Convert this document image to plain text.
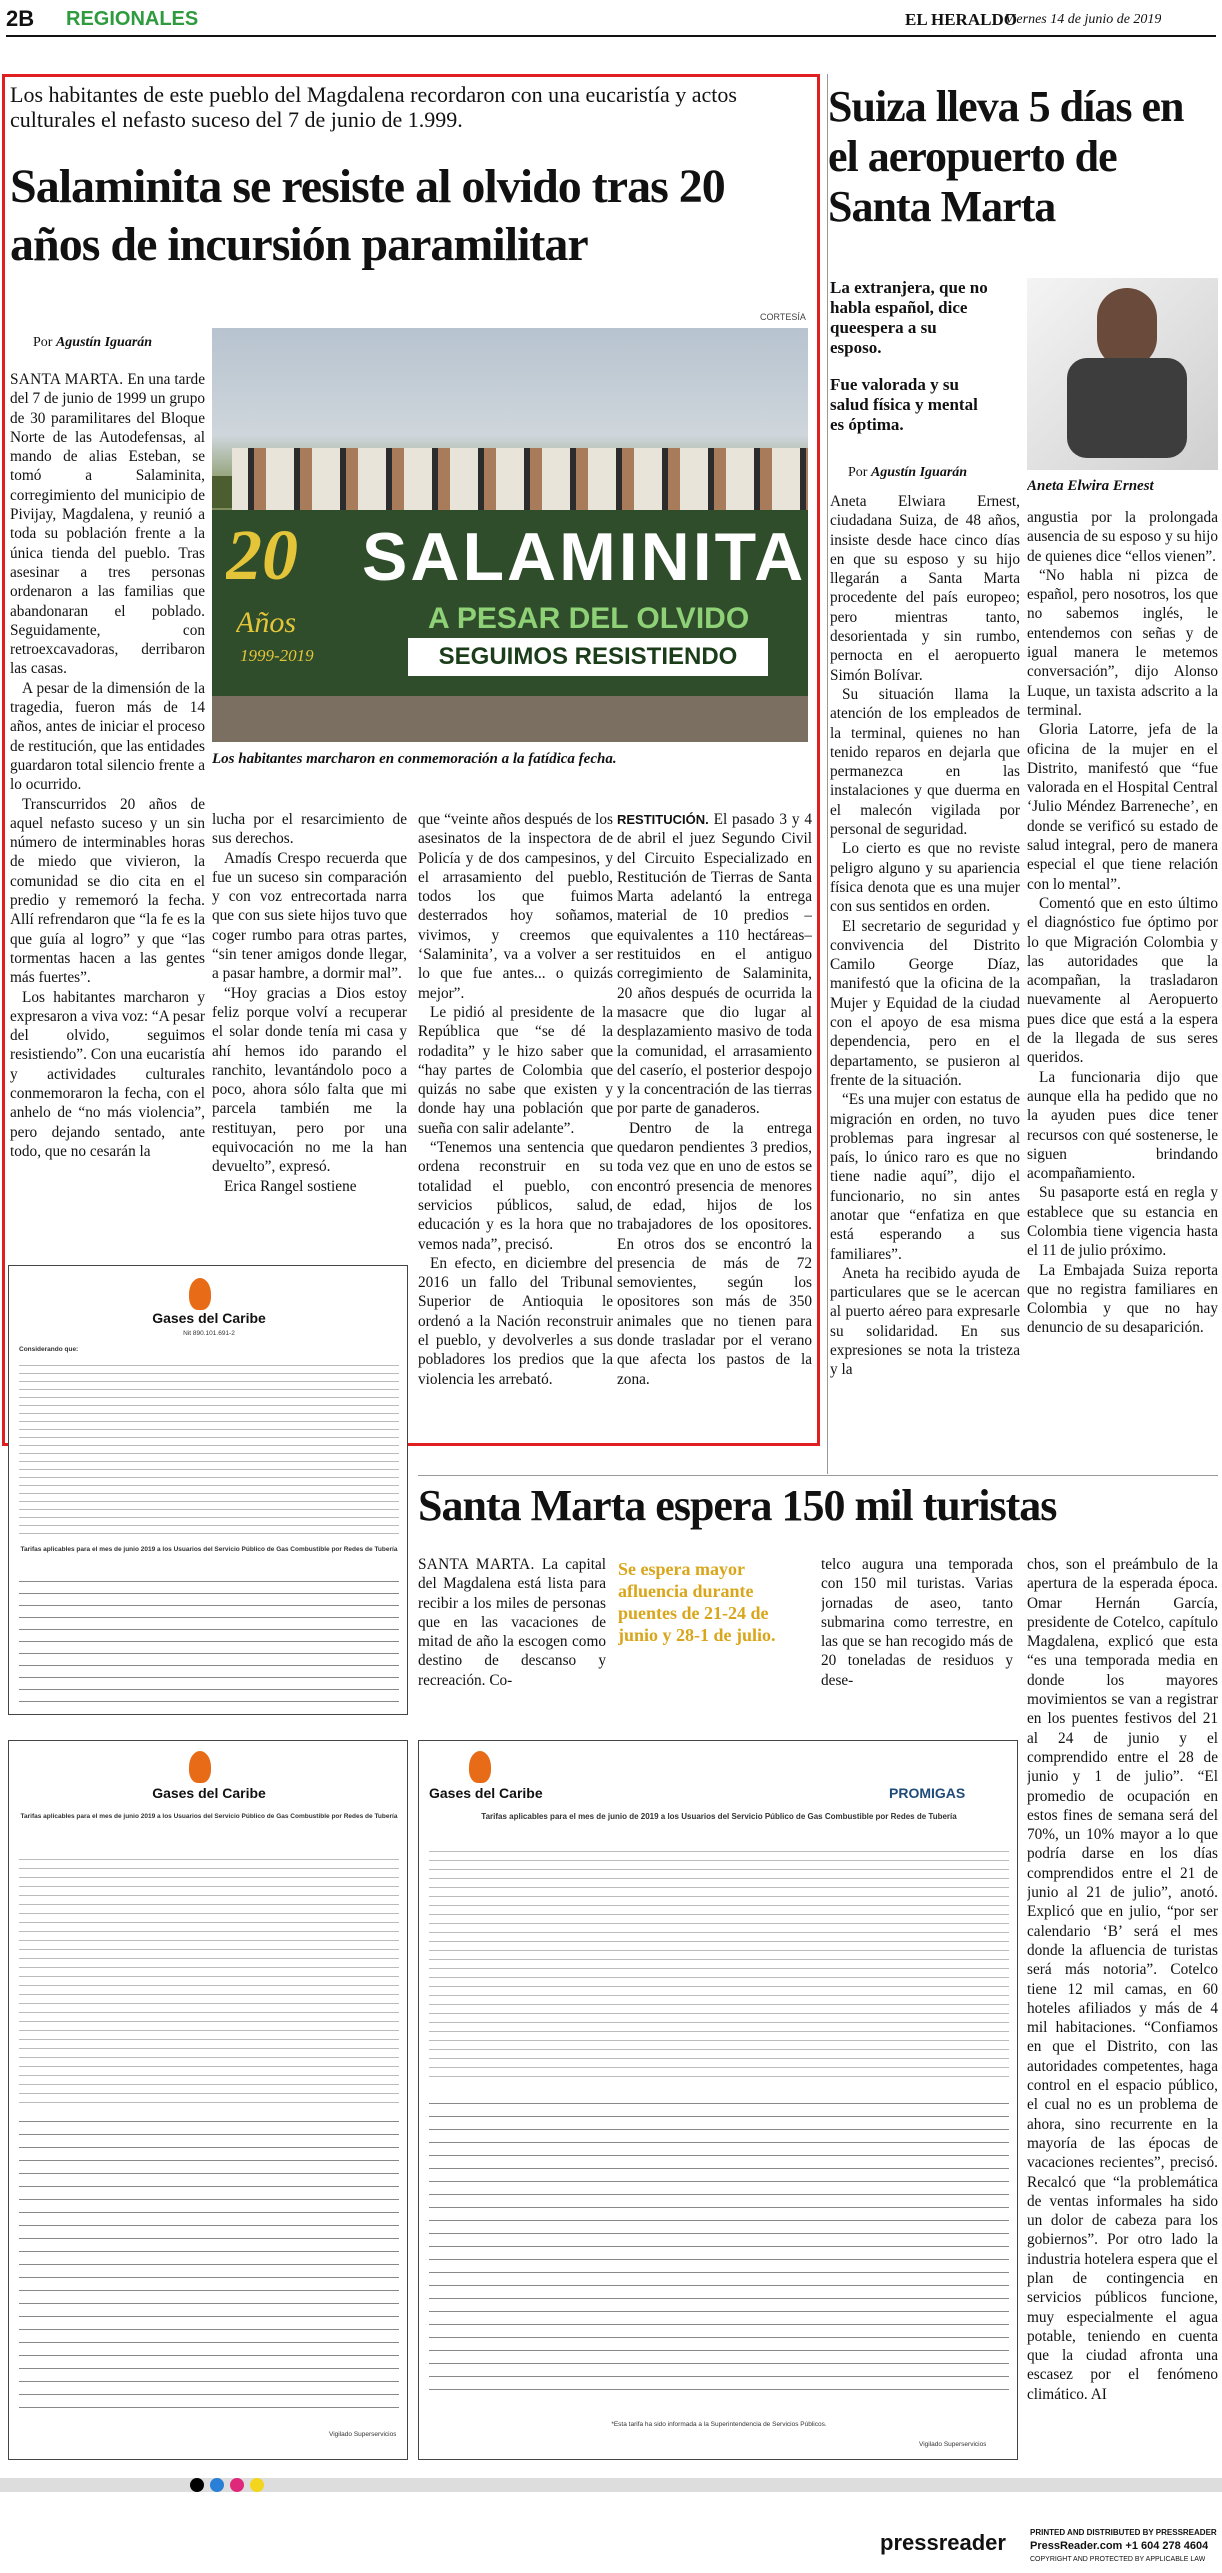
2B REGIONALES	EL HERALDO
Viernes 14 de junio de 2019
Los habitantes de este pueblo del Magdalena recordaron con una eucaristía y actos culturales el nefasto suceso del 7 de junio de 1.999.
Salaminita se resiste al olvido tras 20 años de incursión paramilitar
Por Agustín Iguarán
CORTESÍA
20
Años
1999-2019
SALAMINITA
A PESAR DEL OLVIDO
SEGUIMOS RESISTIENDO
Los habitantes marcharon en conmemoración a la fatídica fecha.

SANTA MARTA. En una tarde del 7 de junio de 1999 un grupo de 30 paramilitares del Bloque Norte de las Autodefensas, al mando de alias Esteban, se tomó a Salaminita, corregimiento del municipio de Pivijay, Magdalena, y reunió a toda su población frente a la única tienda del pueblo. Tras asesinar a tres personas ordenaron a las familias que abandonaran el poblado. Seguidamente, con retroexcavadoras, derribaron las casas.

A pesar de la dimensión de la tragedia, fueron más de 14 años, antes de iniciar el proceso de restitución, que las entidades guardaron total silencio frente a lo ocurrido.

Transcurridos 20 años de aquel nefasto suceso y un sin número de interminables horas de miedo que vivieron, la comunidad se dio cita en el predio y rememoró la fecha. Allí refrendaron que “la fe es la que guía al logro” y que “las tormentas hacen a las gentes más fuertes”.

Los habitantes marcharon y expresaron a viva voz: “A pesar del olvido, seguimos resistiendo”. Con una eucaristía y actividades culturales conmemoraron la fecha, con el anhelo de “no más violencia”, pero dejando sentado, ante todo, que no cesarán la

lucha por el resarcimiento de sus derechos.

Amadís Crespo recuerda que fue un suceso sin comparación y con voz entrecortada narra que con sus siete hijos tuvo que coger rumbo para otras partes, “sin tener amigos donde llegar, a pasar hambre, a dormir mal”.

“Hoy gracias a Dios estoy feliz porque volví a recuperar el solar donde tenía mi casa y ahí hemos ido parando el ranchito, levantándolo poco a poco, ahora sólo falta que mi parcela también me la restituyan, pero por una equivocación no me la han devuelto”, expresó.

Erica Rangel sostiene

que “veinte años después de los asesinatos de la inspectora de Policía y de dos campesinos, y el arrasamiento del pueblo, todos los que fuimos desterrados hoy soñamos, vivimos, y creemos que ‘Salaminita’, va a volver a ser lo que fue antes... o quizás mejor”.

Le pidió al presidente de la República que “se dé la rodadita” y le hizo saber que “hay partes de Colombia que quizás no sabe que existen y donde hay una población que sueña con salir adelante”.

“Tenemos una sentencia que ordena reconstruir en su totalidad el pueblo, con servicios públicos, salud, educación y es la hora que no vemos nada”, precisó.

En efecto, en diciembre del 2016 un fallo del Tribunal Superior de Antioquia le ordenó a la Nación reconstruir el pueblo, y devolverles a sus pobladores los predios que la violencia les arrebató.

RESTITUCIÓN. El pasado 3 y 4 de abril el juez Segundo Civil del Circuito Especializado en Restitución de Tierras de Santa Marta adelantó la entrega material de 10 predios –equivalentes a 110 hectáreas– restituidos en el antiguo corregimiento de Salaminita, 20 años después de ocurrida la masacre que dio lugar al desplazamiento masivo de toda la comunidad, el arrasamiento del caserío, el posterior despojo y la concentración de las tierras por parte de ganaderos.

Dentro de la entrega quedaron pendientes 3 predios, toda vez que en uno de estos se encontró presencia de menores de edad, hijos de los trabajadores de los opositores. En otros dos se encontró la presencia de más de 72 semovientes, según los opositores son más de 350 animales que no tienen para donde trasladar por el verano que afecta los pastos de la zona.

Suiza lleva 5 días en el aeropuerto de Santa Marta
La extranjera, que no habla español, dice queespera a su esposo.
Fue valorada y su salud física y mental es óptima.
Por Agustín Iguarán
Aneta Elwira Ernest

Aneta Elwiara Ernest, ciudadana Suiza, de 48 años, insiste desde hace cinco días en que su esposo y su hijo llegarán a Santa Marta procedente del país europeo; pero mientras tanto, desorientada y sin rumbo, pernocta en el aeropuerto Simón Bolívar.

Su situación llama la atención de los empleados de la terminal, quienes no han tenido reparos en dejarla que permanezca en las instalaciones y que duerma en el malecón vigilada por personal de seguridad.

Lo cierto es que no reviste peligro alguno y su apariencia física denota que es una mujer con sus sentidos en orden.

El secretario de seguridad y convivencia del Distrito Camilo George Díaz, manifestó que la oficina de la Mujer y Equidad de la ciudad con el apoyo de esa misma dependencia, pero en el departamento, se pusieron al frente de la situación.

“Es una mujer con estatus de migración en orden, no tuvo problemas para ingresar al país, lo único raro es que no tiene nadie aquí”, dijo el funcionario, no sin antes anotar que “enfatiza en que está esperando a sus familiares”.

Aneta ha recibido ayuda de particulares que se le acercan al puerto aéreo para expresarle su solidaridad. En sus expresiones se nota la tristeza y la

angustia por la prolongada ausencia de su esposo y su hijo de quienes dice “ellos vienen”.

“No habla ni pizca de español, pero nosotros, los que no sabemos inglés, le entendemos con señas y de igual manera le metemos conversación”, dijo Alonso Luque, un taxista adscrito a la terminal.

Gloria Latorre, jefa de la oficina de la mujer en el Distrito, manifestó que “fue valorada en el Hospital Central ‘Julio Méndez Barreneche’, en donde se verificó su estado de salud integral, pero de manera especial el que tiene relación con lo mental”.

Comentó que en esto último el diagnóstico fue óptimo por lo que Migración Colombia y las autoridades que la acompañan, la trasladaron nuevamente al Aeropuerto pues dice que está a la espera de la llegada de sus seres queridos.

La funcionaria dijo que aunque ella ha pedido que no la ayuden pues dice tener recursos con qué sostenerse, le siguen brindando acompañamiento.

Su pasaporte está en regla y establece que su estancia en Colombia tiene vigencia hasta el 11 de julio próximo.

La Embajada Suiza reporta que no registra familiares en Colombia y que no hay denuncio de su desaparición.

Gases del Caribe
Nit 890.101.691-2
Considerando que:
Tarifas aplicables para el mes de junio 2019 a los Usuarios del Servicio Público de Gas Combustible por Redes de Tubería
Santa Marta espera 150 mil turistas

SANTA MARTA. La capital del Magdalena está lista para recibir a los miles de personas que en las vacaciones de mitad de año la escogen como destino de descanso y recreación. Co-

Se espera mayor afluencia durante puentes de 21-24 de junio y 28-1 de julio.

telco augura una temporada con 150 mil turistas. Varias jornadas de aseo, tanto submarina como terrestre, en las que se han recogido más de 20 toneladas de residuos y dese-

chos, son el preámbulo de la apertura de la esperada época. Omar Hernán García, presidente de Cotelco, capítulo Magdalena, explicó que esta “es una temporada media en donde los mayores movimientos se van a registrar en los puentes festivos del 21 al 24 de junio y el comprendido entre el 28 de junio y 1 de julio”. “El promedio de ocupación en estos fines de semana será del 70%, un 10% mayor a lo que podría darse en los días comprendidos entre el 21 de junio al 21 de julio”, anotó. Explicó que en julio, “por ser calendario ‘B’ será el mes donde la afluencia de turistas será más notoria”. Cotelco tiene 12 mil camas, en 60 hoteles afiliados y más de 4 mil habitaciones. “Confiamos en que el Distrito, con las autoridades competentes, haga control en el espacio público, el cual no es un problema de ahora, sino recurrente en la mayoría de las épocas de vacaciones recientes”, precisó. Recalcó que “la problemática de ventas informales ha sido un dolor de cabeza para los gobiernos”. Por otro lado la industria hotelera espera que el plan de contingencia en servicios públicos funcione, muy especialmente el agua potable, teniendo en cuenta que la ciudad afronta una escasez por el fenómeno climático. AI

Gases del Caribe
Tarifas aplicables para el mes de junio 2019 a los Usuarios del Servicio Público de Gas Combustible por Redes de Tubería
Vigilado Superservicios
Gases del Caribe	PROMIGAS
Tarifas aplicables para el mes de junio de 2019 a los Usuarios del Servicio Público de Gas Combustible por Redes de Tubería
*Esta tarifa ha sido informada a la Superintendencia de Servicios Públicos.
Vigilado Superservicios
pressreader	PRINTED AND DISTRIBUTED BY PRESSREADER
PressReader.com +1 604 278 4604
COPYRIGHT AND PROTECTED BY APPLICABLE LAW
